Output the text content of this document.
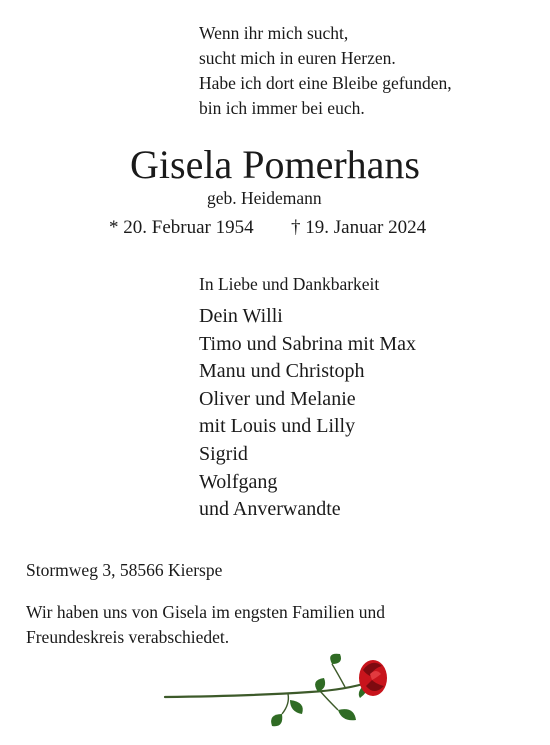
Wenn ihr mich sucht,
sucht mich in euren Herzen.
Habe ich dort eine Bleibe gefunden,
bin ich immer bei euch.
Gisela Pomerhans
geb. Heidemann
* 20. Februar 1954 † 19. Januar 2024
In Liebe und Dankbarkeit
Dein Willi
Timo und Sabrina mit Max
Manu und Christoph
Oliver und Melanie
mit Louis und Lilly
Sigrid
Wolfgang
und Anverwandte
Stormweg 3, 58566 Kierspe
Wir haben uns von Gisela im engsten Familien und
Freundeskreis verabschiedet.
